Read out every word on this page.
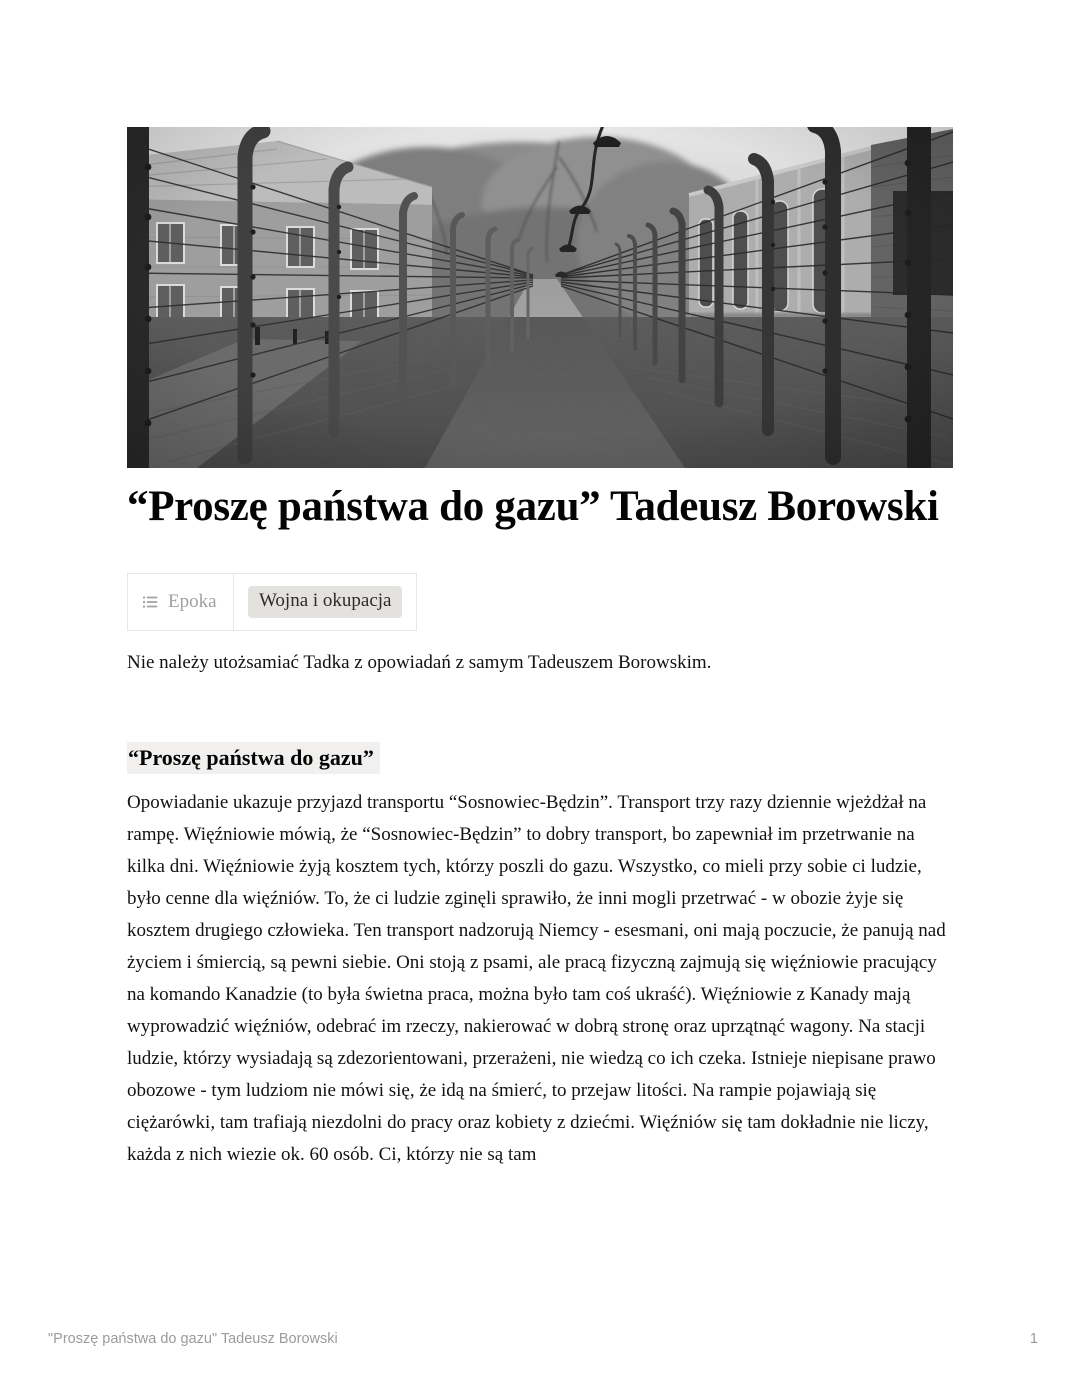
“Proszę państwa do gazu” Tadeusz Borowski
Epoka	Wojna i okupacja

Nie należy utożsamiać Tadka z opowiadań z samym Tadeuszem Borowskim.

“Proszę państwa do gazu”

Opowiadanie ukazuje przyjazd transportu “Sosnowiec-Będzin”. Transport trzy razy dziennie wjeżdżał na rampę. Więźniowie mówią, że “Sosnowiec-Będzin” to dobry transport, bo zapewniał im przetrwanie na kilka dni. Więźniowie żyją kosztem tych, którzy poszli do gazu. Wszystko, co mieli przy sobie ci ludzie, było cenne dla więźniów. To, że ci ludzie zginęli sprawiło, że inni mogli przetrwać - w obozie żyje się kosztem drugiego człowieka. Ten transport nadzorują Niemcy - esesmani, oni mają poczucie, że panują nad życiem i śmiercią, są pewni siebie. Oni stoją z psami, ale pracą fizyczną zajmują się więźniowie pracujący na komando Kanadzie (to była świetna praca, można było tam coś ukraść). Więźniowie z Kanady mają wyprowadzić więźniów, odebrać im rzeczy, nakierować w dobrą stronę oraz uprzątnąć wagony. Na stacji ludzie, którzy wysiadają są zdezorientowani, przerażeni, nie wiedzą co ich czeka. Istnieje niepisane prawo obozowe - tym ludziom nie mówi się, że idą na śmierć, to przejaw litości. Na rampie pojawiają się ciężarówki, tam trafiają niezdolni do pracy oraz kobiety z dziećmi. Więźniów się tam dokładnie nie liczy, każda z nich wiezie ok. 60 osób. Ci, którzy nie są tam

"Proszę państwa do gazu" Tadeusz Borowski	1
